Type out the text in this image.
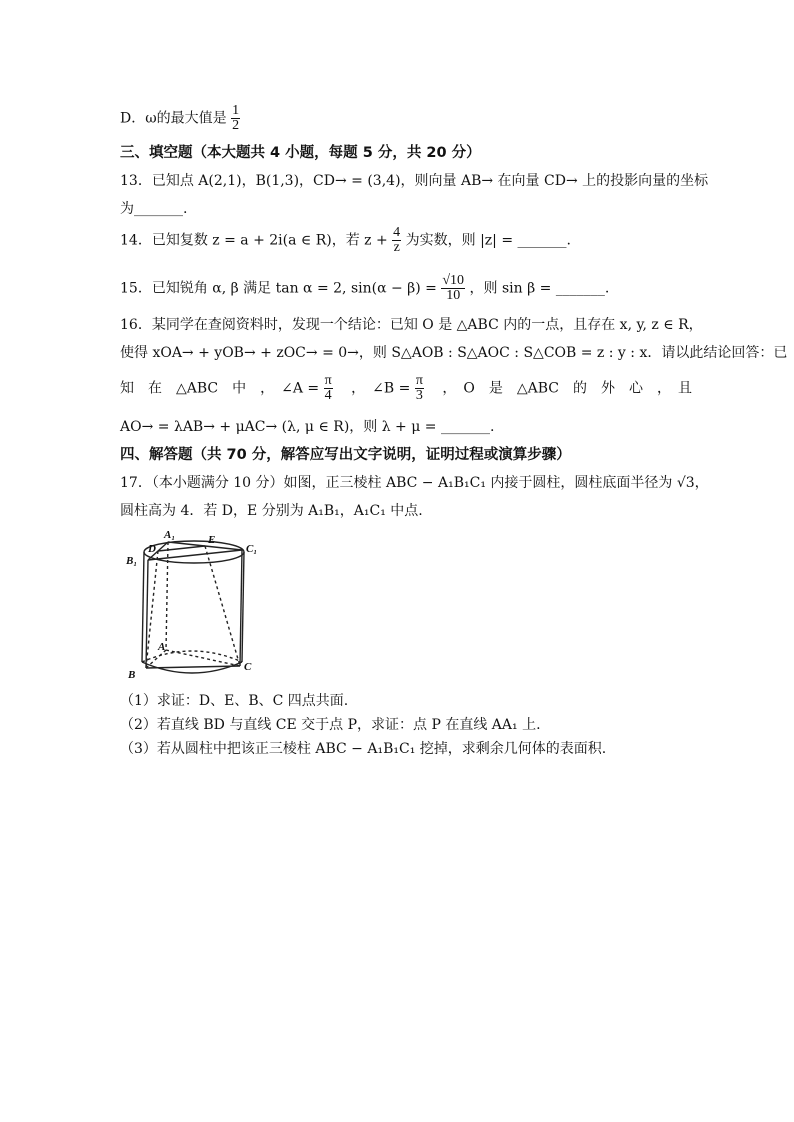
D．ω的最大值是 $\frac{1}{2}$
三、填空题（本大题共 4 小题，每题 5 分，共 20 分）
13．已知点 A(2,1)，B(1,3)，CD→ = (3,4)，则向量 AB→ 在向量 CD→ 上的投影向量的坐标
为_______.
14．已知复数 z = a + 2i(a ∈ R)，若 $z + \frac{4}{z}$ 为实数，则 |z| = _______.
15．已知锐角 α, β 满足 tan α = 2, $\sin(\alpha - \beta) = \frac{√10}{10}$ ，则 sin β = _______.
16．某同学在查阅资料时，发现一个结论：已知 O 是 △ABC 内的一点，且存在 x, y, z ∈ R，
使得 xOA→ + yOB→ + zOC→ = 0→，则 S△AOB : S△AOC : S△COB = z : y : x．请以此结论回答：已
知　在　△ABC　中　，　∠A = $\frac{\pi}{4}$ 　，　∠B = $\frac{\pi}{3}$ 　，　O　是　△ABC　的　外　心　，　且
AO→ = λAB→ + μAC→ (λ, μ ∈ R)，则 λ + μ = _______.
四、解答题（共 70 分，解答应写出文字说明，证明过程或演算步骤）
17．（本小题满分 10 分）如图，正三棱柱 ABC − A₁B₁C₁ 内接于圆柱，圆柱底面半径为 √3，
圆柱高为 4．若 D，E 分别为 A₁B₁，A₁C₁ 中点.
A₁
D
E
C₁
B₁
A
B
C
（1）求证：D、E、B、C 四点共面.
（2）若直线 BD 与直线 CE 交于点 P，求证：点 P 在直线 AA₁ 上.
（3）若从圆柱中把该正三棱柱 ABC − A₁B₁C₁ 挖掉，求剩余几何体的表面积.
